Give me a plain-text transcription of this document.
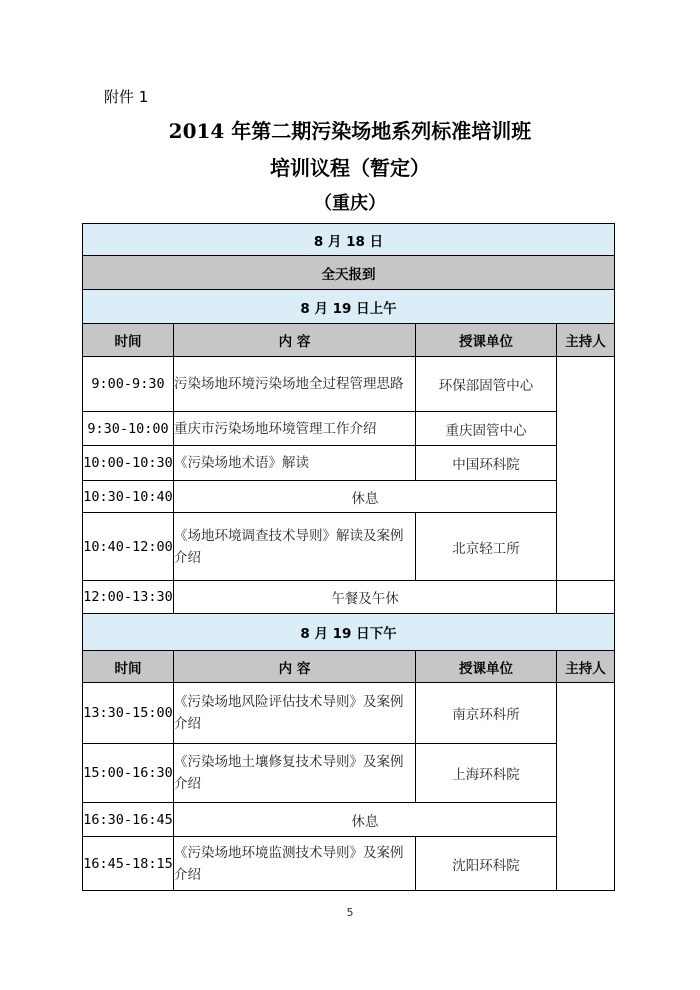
附件 1
2014 年第二期污染场地系列标准培训班
培训议程（暂定）
（重庆）
8 月 18 日			
全天报到			
8 月 19 日上午			
时间	内 容	授课单位	主持人
9:00-9:30	污染场地环境污染场地全过程管理思路	环保部固管中心	
9:30-10:00	重庆市污染场地环境管理工作介绍	重庆固管中心	
10:00-10:30	《污染场地术语》解读	中国环科院	
10:30-10:40	休息		
10:40-12:00	《场地环境调查技术导则》解读及案例介绍	北京轻工所	
12:00-13:30	午餐及午休		
8 月 19 日下午			
时间	内 容	授课单位	主持人
13:30-15:00	《污染场地风险评估技术导则》及案例介绍	南京环科所	
15:00-16:30	《污染场地土壤修复技术导则》及案例介绍	上海环科院	
16:30-16:45	休息		
16:45-18:15	《污染场地环境监测技术导则》及案例介绍	沈阳环科院	
5
